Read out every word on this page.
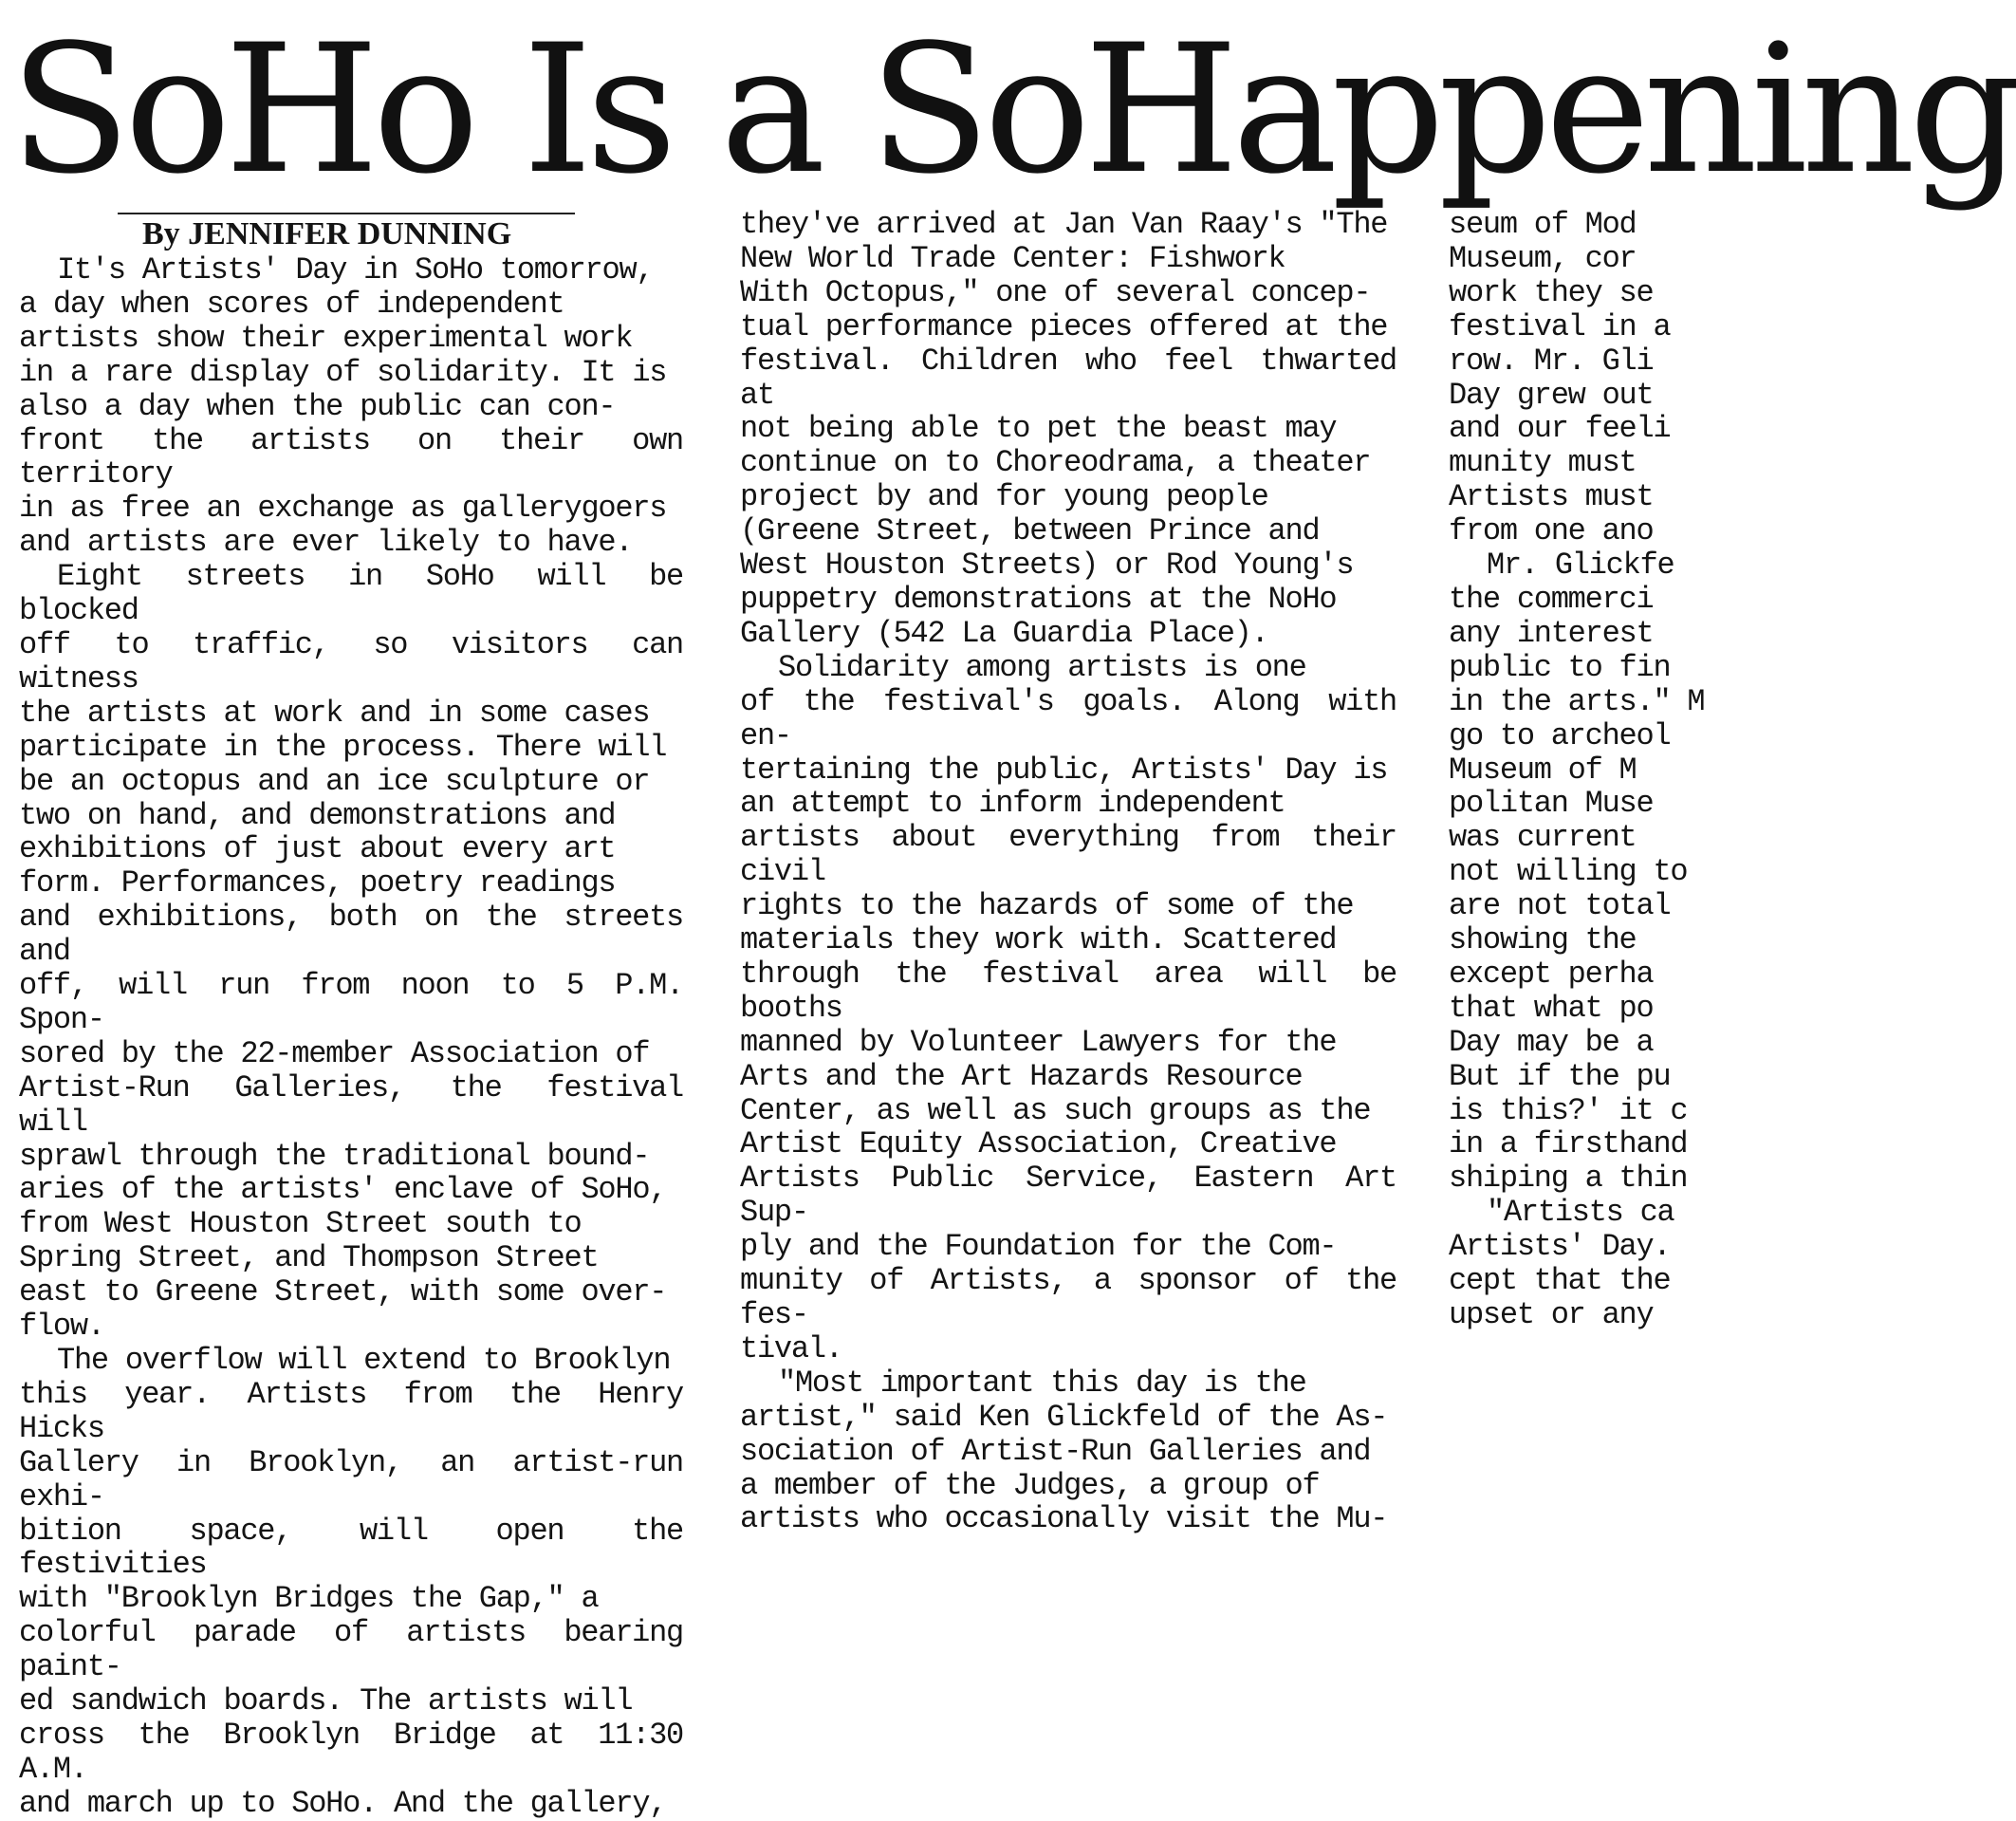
SoHo Is a SoHappening
By JENNIFER DUNNING

It's Artists' Day in SoHo tomorrow,
a day when scores of independent
artists show their experimental work
in a rare display of solidarity. It is
also a day when the public can con-
front the artists on their own territory
in as free an exchange as gallerygoers
and artists are ever likely to have.

Eight streets in SoHo will be blocked
off to traffic, so visitors can witness
the artists at work and in some cases
participate in the process. There will
be an octopus and an ice sculpture or
two on hand, and demonstrations and
exhibitions of just about every art
form. Performances, poetry readings
and exhibitions, both on the streets and
off, will run from noon to 5 P.M. Spon-
sored by the 22-member Association of
Artist-Run Galleries, the festival will
sprawl through the traditional bound-
aries of the artists' enclave of SoHo,
from West Houston Street south to
Spring Street, and Thompson Street
east to Greene Street, with some over-
flow.

The overflow will extend to Brooklyn
this year. Artists from the Henry Hicks
Gallery in Brooklyn, an artist-run exhi-
bition space, will open the festivities
with "Brooklyn Bridges the Gap," a
colorful parade of artists bearing paint-
ed sandwich boards. The artists will
cross the Brooklyn Bridge at 11:30 A.M.
and march up to SoHo. And the gallery,

they've arrived at Jan Van Raay's "The
New World Trade Center: Fishwork
With Octopus," one of several concep-
tual performance pieces offered at the
festival. Children who feel thwarted at
not being able to pet the beast may
continue on to Choreodrama, a theater
project by and for young people
(Greene Street, between Prince and
West Houston Streets) or Rod Young's
puppetry demonstrations at the NoHo
Gallery (542 La Guardia Place).

Solidarity among artists is one
of the festival's goals. Along with en-
tertaining the public, Artists' Day is
an attempt to inform independent
artists about everything from their civil
rights to the hazards of some of the
materials they work with. Scattered
through the festival area will be booths
manned by Volunteer Lawyers for the
Arts and the Art Hazards Resource
Center, as well as such groups as the
Artist Equity Association, Creative
Artists Public Service, Eastern Art Sup-
ply and the Foundation for the Com-
munity of Artists, a sponsor of the fes-
tival.

"Most important this day is the
artist," said Ken Glickfeld of the As-
sociation of Artist-Run Galleries and
a member of the Judges, a group of
artists who occasionally visit the Mu-

seum of Mod
Museum, cor
work they se
festival in a
row. Mr. Gli
Day grew out
and our feeli
munity must
Artists must
from one ano

Mr. Glickfe
the commerci
any interest
public to fin
in the arts." M
go to archeol
Museum of M
politan Muse
was current
not willing to
are not total
showing the
except perha
that what po
Day may be a
But if the pu
is this?' it c
in a firsthand
shiping a thin

"Artists ca
Artists' Day.
cept that the
upset or any
